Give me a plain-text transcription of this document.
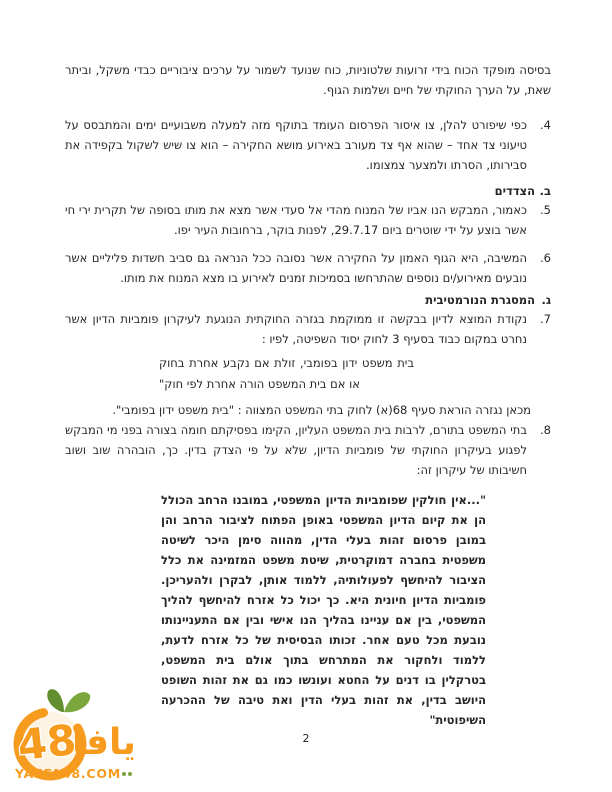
בסיסה מופקד הכוח בידי זרועות שלטוניות, כוח שנועד לשמור על ערכים ציבוריים כבדי משקל, וביתר שאת, על הערך החוקתי של חיים ושלמות הגוף.

4.

כפי שיפורט להלן, צו איסור הפרסום העומד בתוקף מזה למעלה משבועיים ימים והמתבסס על טיעוני צד אחד – שהוא אף צד מעורב באירוע מושא החקירה – הוא צו שיש לשקול בקפידה את סבירותו, הסרתו ולמצער צמצומו.

ב.הצדדים
5.

כאמור, המבקש הנו אביו של המנוח מהדי אל סעדי אשר מצא את מותו בסופה של תקרית ירי חי אשר בוצע על ידי שוטרים ביום 29.7.17, לפנות בוקר, ברחובות העיר יפו.

6.

המשיבה, היא הגוף האמון על החקירה אשר נסובה ככל הנראה גם סביב חשדות פליליים אשר נובעים מאירוע/ים נוספים שהתרחשו בסמיכות זמנים לאירוע בו מצא המנוח את מותו.

ג.המסגרת הנורמטיבית
7.

נקודת המוצא לדיון בבקשה זו ממוקמת בגזרה החוקתית הנוגעת לעיקרון פומביות הדיון אשר נחרט במקום כבוד בסעיף 3 לחוק יסוד השפיטה, לפיו :

בית משפט ידון בפומבי, זולת אם נקבע אחרת בחוק או אם בית המשפט הורה אחרת לפי חוק"

מכאן נגזרה הוראת סעיף 68(א) לחוק בתי המשפט המצווה : "בית משפט ידון בפומבי".

8.

בתי המשפט בתורם, לרבות בית המשפט העליון, הקימו בפסיקתם חומה בצורה בפני מי המבקש לפגוע בעיקרון החוקתי של פומביות הדיון, שלא על פי הצדק בדין. כך, הובהרה שוב ושוב חשיבותו של עיקרון זה:

"...אין חולקין שפומביות הדיון המשפטי, במובנו הרחב הכולל הן את קיום הדיון המשפטי באופן הפתוח לציבור הרחב והן במובן פרסום זהות בעלי הדין, מהווה סימן היכר לשיטה משפטית בחברה דמוקרטית, שיטת משפט המזמינה את כלל הציבור להיחשף לפעולותיה, ללמוד אותן, לבקרן ולהעריכן. פומביות הדיון חיונית היא. כך יכול כל אזרח להיחשף להליך המשפטי, בין אם עניינו בהליך הנו אישי ובין אם התעניינותו נובעת מכל טעם אחר. זכותו הבסיסית של כל אזרח לדעת, ללמוד ולחקור את המתרחש בתוך אולם בית המשפט, בטרקלין בו דנים על החטא ועונשו כמו גם את זהות השופט היושב בדין, את זהות בעלי הדין ואת טיבה של ההכרעה השיפוטית"

2
48
يافا
YAFFA48.COM
